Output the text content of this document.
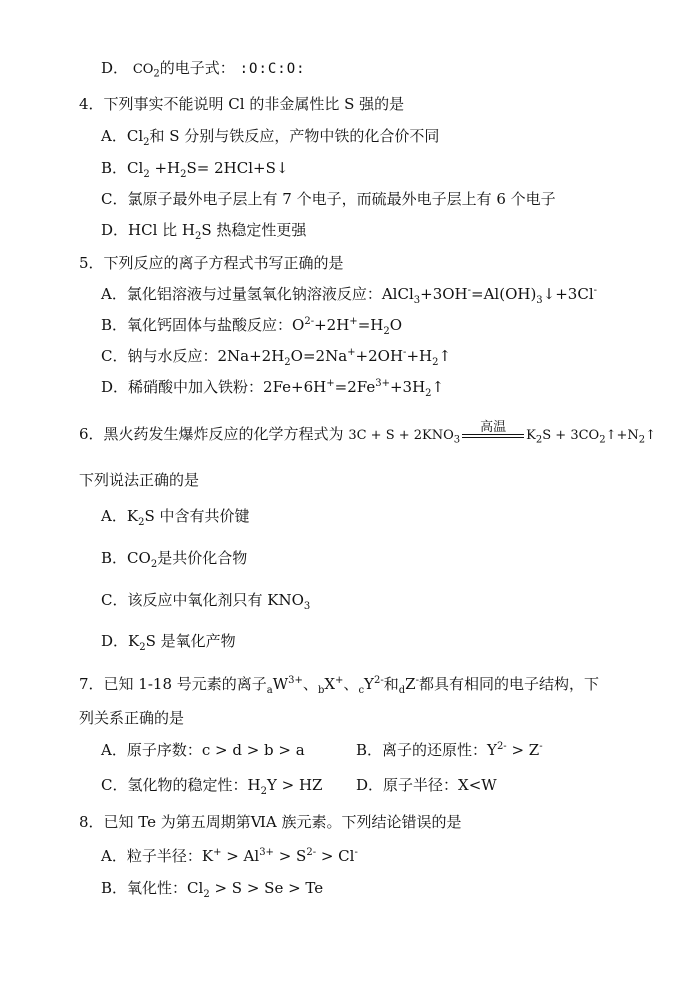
D． $CO_2$的电子式： :O:C:O:
4．下列事实不能说明 Cl 的非金属性比 S 强的是
A．$Cl_2$和 S 分别与铁反应，产物中铁的化合价不同
B．$Cl_2 +H_2S=$ 2HCl+S↓
C．氯原子最外电子层上有 7 个电子，而硫最外电子层上有 6 个电子
D．HCl 比 $H_2S$ 热稳定性更强
5．下列反应的离子方程式书写正确的是
A．氯化铝溶液与过量氢氧化钠溶液反应：$AlCl_3+3OH^-=Al(OH)_3↓+3Cl^-$
B．氧化钙固体与盐酸反应：$O^{2-}+2H^+=H_2O$
C．钠与水反应：$2Na+2H_2O=2Na^++2OH^-+H_2↑$
D．稀硝酸中加入铁粉：$2Fe+6H^+=2Fe^{3+}+3H_2↑$
6．黑火药发生爆炸反应的化学方程式为 $3C + S + 2KNO_3$
高温
$K_2S$ + $3CO_2↑+N_2↑$
下列说法正确的是
A．$K_2S$ 中含有共价键
B．$CO_2$是共价化合物
C．该反应中氧化剂只有 $KNO_3$
D．$K_2S$ 是氧化产物
7．已知 1-18 号元素的离子$_aW^{3+}$、$_b$X+、$_cY^{2-}$和$_d$Z-都具有相同的电子结构，下
列关系正确的是
A．原子序数：c > d > b > a	B．离子的还原性：$Y^{2-} > Z^-$
C．氢化物的稳定性：$H_2Y$ > HZ D．原子半径：X<W
8．已知 Te 为第五周期第ⅥA 族元素。下列结论错误的是
A．粒子半径：$K^+ > Al^{3+} > S^{2-} > Cl^-$
B．氧化性：$Cl_2 > S > Se > Te$
